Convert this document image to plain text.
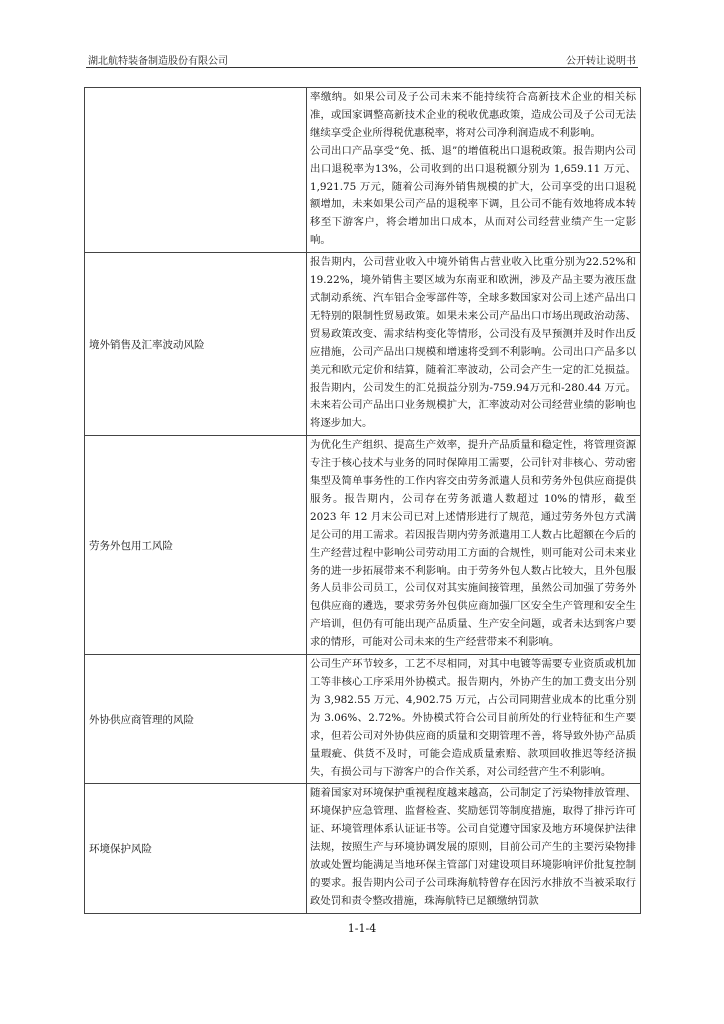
湖北航特装备制造股份有限公司	公开转让说明书

	率缴纳。如果公司及子公司未来不能持续符合高新技术企业的相关标准，或国家调整高新技术企业的税收优惠政策，造成公司及子公司无法继续享受企业所得税优惠税率，将对公司净利润造成不利影响。
公司出口产品享受“免、抵、退”的增值税出口退税政策。报告期内公司出口退税率为13%，公司收到的出口退税额分别为 1,659.11 万元、1,921.75 万元，随着公司海外销售规模的扩大，公司享受的出口退税额增加，未来如果公司产品的退税率下调，且公司不能有效地将成本转移至下游客户，将会增加出口成本，从而对公司经营业绩产生一定影响。

境外销售及汇率波动风险	报告期内，公司营业收入中境外销售占营业收入比重分别为22.52%和 19.22%，境外销售主要区域为东南亚和欧洲，涉及产品主要为液压盘式制动系统、汽车铝合金零部件等，全球多数国家对公司上述产品出口无特别的限制性贸易政策。如果未来公司产品出口市场出现政治动荡、贸易政策改变、需求结构变化等情形，公司没有及早预测并及时作出反应措施，公司产品出口规模和增速将受到不利影响。公司出口产品多以美元和欧元定价和结算，随着汇率波动，公司会产生一定的汇兑损益。报告期内，公司发生的汇兑损益分别为-759.94万元和-280.44 万元。未来若公司产品出口业务规模扩大，汇率波动对公司经营业绩的影响也将逐步加大。

劳务外包用工风险	为优化生产组织、提高生产效率，提升产品质量和稳定性，将管理资源专注于核心技术与业务的同时保障用工需要，公司针对非核心、劳动密集型及简单事务性的工作内容交由劳务派遣人员和劳务外包供应商提供服务。报告期内，公司存在劳务派遣人数超过 10%的情形，截至 2023 年 12 月末公司已对上述情形进行了规范，通过劳务外包方式满足公司的用工需求。若因报告期内劳务派遣用工人数占比超额在今后的生产经营过程中影响公司劳动用工方面的合规性，则可能对公司未来业务的进一步拓展带来不利影响。由于劳务外包人数占比较大，且外包服务人员非公司员工，公司仅对其实施间接管理，虽然公司加强了劳务外包供应商的遴选，要求劳务外包供应商加强厂区安全生产管理和安全生产培训，但仍有可能出现产品质量、生产安全问题，或者未达到客户要求的情形，可能对公司未来的生产经营带来不利影响。

外协供应商管理的风险	公司生产环节较多，工艺不尽相同，对其中电镀等需要专业资质或机加工等非核心工序采用外协模式。报告期内，外协产生的加工费支出分别为 3,982.55 万元、4,902.75 万元，占公司同期营业成本的比重分别为 3.06%、2.72%。外协模式符合公司目前所处的行业特征和生产要求，但若公司对外协供应商的质量和交期管理不善，将导致外协产品质量瑕疵、供货不及时，可能会造成质量索赔、款项回收推迟等经济损失，有损公司与下游客户的合作关系，对公司经营产生不利影响。

环境保护风险	随着国家对环境保护重视程度越来越高，公司制定了污染物排放管理、环境保护应急管理、监督检查、奖励惩罚等制度措施，取得了排污许可证、环境管理体系认证证书等。公司自觉遵守国家及地方环境保护法律法规，按照生产与环境协调发展的原则，目前公司产生的主要污染物排放或处置均能满足当地环保主管部门对建设项目环境影响评价批复控制的要求。报告期内公司子公司珠海航特曾存在因污水排放不当被采取行政处罚和责令整改措施，珠海航特已足额缴纳罚款
1-1-4
